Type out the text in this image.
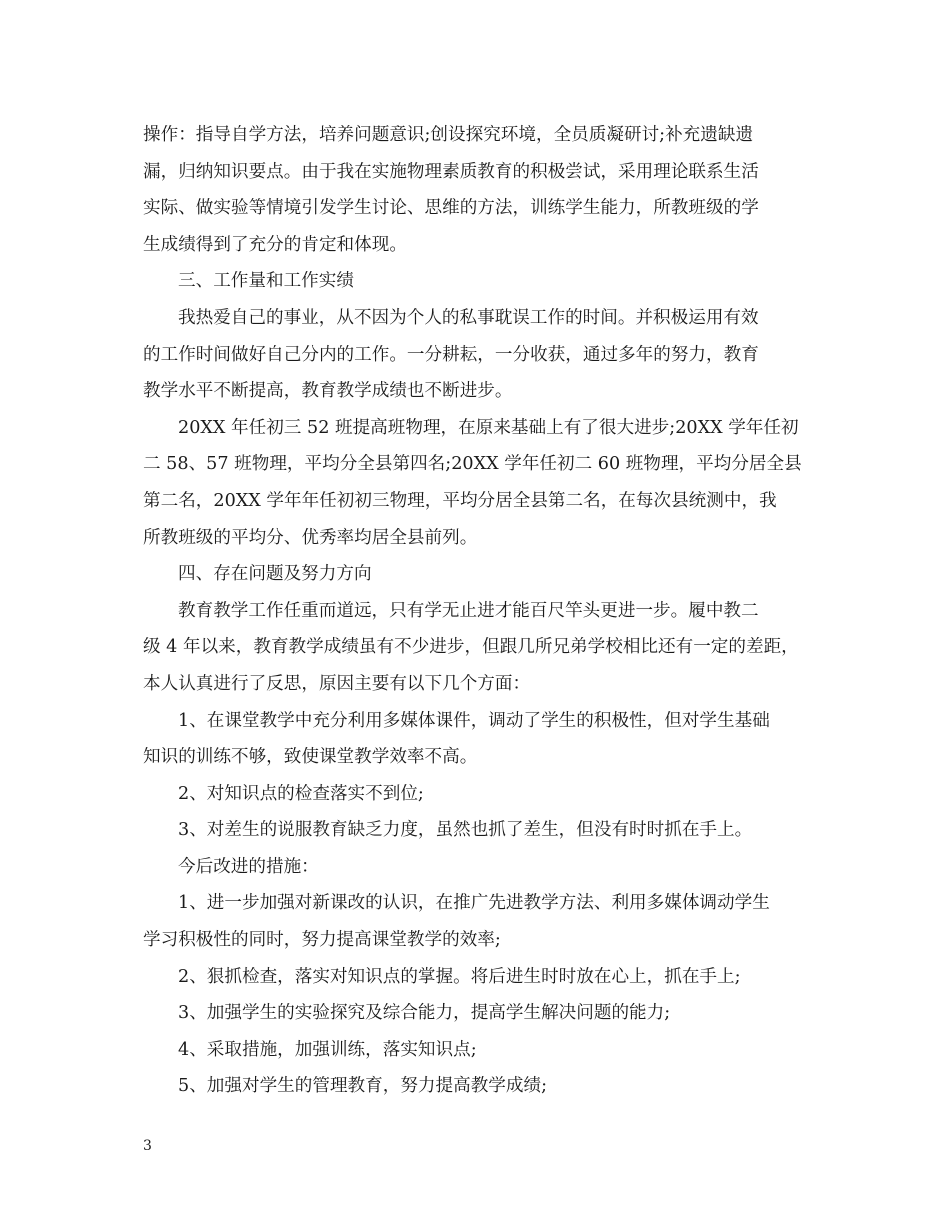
操作：指导自学方法，培养问题意识;创设探究环境，全员质凝研讨;补充遗缺遗
漏，归纳知识要点。由于我在实施物理素质教育的积极尝试，采用理论联系生活
实际、做实验等情境引发学生讨论、思维的方法，训练学生能力，所教班级的学
生成绩得到了充分的肯定和体现。
三、工作量和工作实绩
我热爱自己的事业，从不因为个人的私事耽误工作的时间。并积极运用有效
的工作时间做好自己分内的工作。一分耕耘，一分收获，通过多年的努力，教育
教学水平不断提高，教育教学成绩也不断进步。
20XX 年任初三 52 班提高班物理，在原来基础上有了很大进步;20XX 学年任初
二 58、57 班物理，平均分全县第四名;20XX 学年任初二 60 班物理，平均分居全县
第二名，20XX 学年年任初初三物理，平均分居全县第二名，在每次县统测中，我
所教班级的平均分、优秀率均居全县前列。
四、存在问题及努力方向
教育教学工作任重而道远，只有学无止进才能百尺竿头更进一步。履中教二
级 4 年以来，教育教学成绩虽有不少进步，但跟几所兄弟学校相比还有一定的差距，
本人认真进行了反思，原因主要有以下几个方面：
1、在课堂教学中充分利用多媒体课件，调动了学生的积极性，但对学生基础
知识的训练不够，致使课堂教学效率不高。
2、对知识点的检查落实不到位;
3、对差生的说服教育缺乏力度，虽然也抓了差生，但没有时时抓在手上。
今后改进的措施：
1、进一步加强对新课改的认识，在推广先进教学方法、利用多媒体调动学生
学习积极性的同时，努力提高课堂教学的效率;
2、狠抓检查，落实对知识点的掌握。将后进生时时放在心上，抓在手上;
3、加强学生的实验探究及综合能力，提高学生解决问题的能力;
4、采取措施，加强训练，落实知识点;
5、加强对学生的管理教育，努力提高教学成绩;
3
